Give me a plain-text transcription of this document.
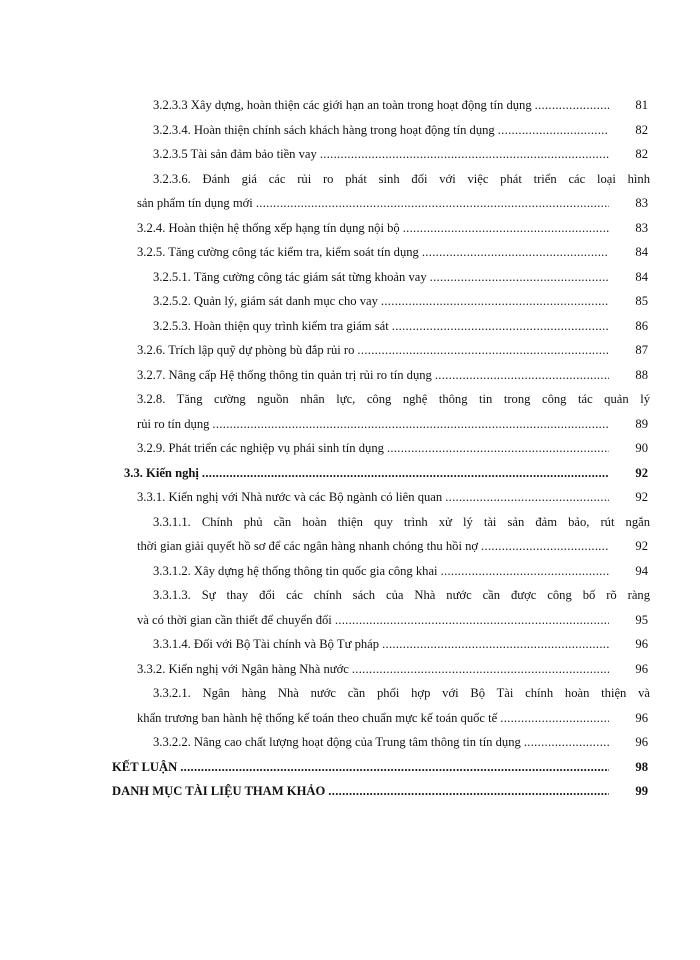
3.2.3.3 Xây dựng, hoàn thiện các giới hạn an toàn trong hoạt động tín dụng .....	81
3.2.3.4. Hoàn thiện chính sách khách hàng trong hoạt động tín dụng .....	82
3.2.3.5 Tài sản đảm bảo tiền vay .....	82
3.2.3.6. Đánh giá các rủi ro phát sinh đối với việc phát triển các loại hình
sản phẩm tín dụng mới .....	83
3.2.4. Hoàn thiện hệ thống xếp hạng tín dụng nội bộ .....	83
3.2.5. Tăng cường công tác kiểm tra, kiểm soát tín dụng .....	84
3.2.5.1. Tăng cường công tác giám sát từng khoản vay .....	84
3.2.5.2. Quản lý, giám sát danh mục cho vay .....	85
3.2.5.3. Hoàn thiện quy trình kiểm tra giám sát .....	86
3.2.6. Trích lập quỹ dự phòng bù đắp rủi ro .....	87
3.2.7. Nâng cấp Hệ thống thông tin quản trị rủi ro tín dụng .....	88
3.2.8. Tăng cường nguồn nhân lực, công nghệ thông tin trong công tác quản lý
rủi ro tín dụng .....	89
3.2.9. Phát triển các nghiệp vụ phái sinh tín dụng .....	90
3.3. Kiến nghị .....	92
3.3.1. Kiến nghị với Nhà nước và các Bộ ngành có liên quan .....	92
3.3.1.1. Chính phủ cần hoàn thiện quy trình xử lý tài sản đảm bảo, rút ngắn
thời gian giải quyết hồ sơ để các ngân hàng nhanh chóng thu hồi nợ .....	92
3.3.1.2. Xây dựng hệ thống thông tin quốc gia công khai .....	94
3.3.1.3. Sự thay đổi các chính sách của Nhà nước cần được công bố rõ ràng
và có thời gian cần thiết để chuyển đổi .....	95
3.3.1.4. Đối với Bộ Tài chính và Bộ Tư pháp .....	96
3.3.2. Kiến nghị với Ngân hàng Nhà nước .....	96
3.3.2.1. Ngân hàng Nhà nước cần phối hợp với Bộ Tài chính hoàn thiện và
khẩn trương ban hành hệ thống kế toán theo chuẩn mực kế toán quốc tế .....	96
3.3.2.2. Nâng cao chất lượng hoạt động của Trung tâm thông tin tín dụng .....	96
KẾT LUẬN .....	98
DANH MỤC TÀI LIỆU THAM KHẢO .....	99
